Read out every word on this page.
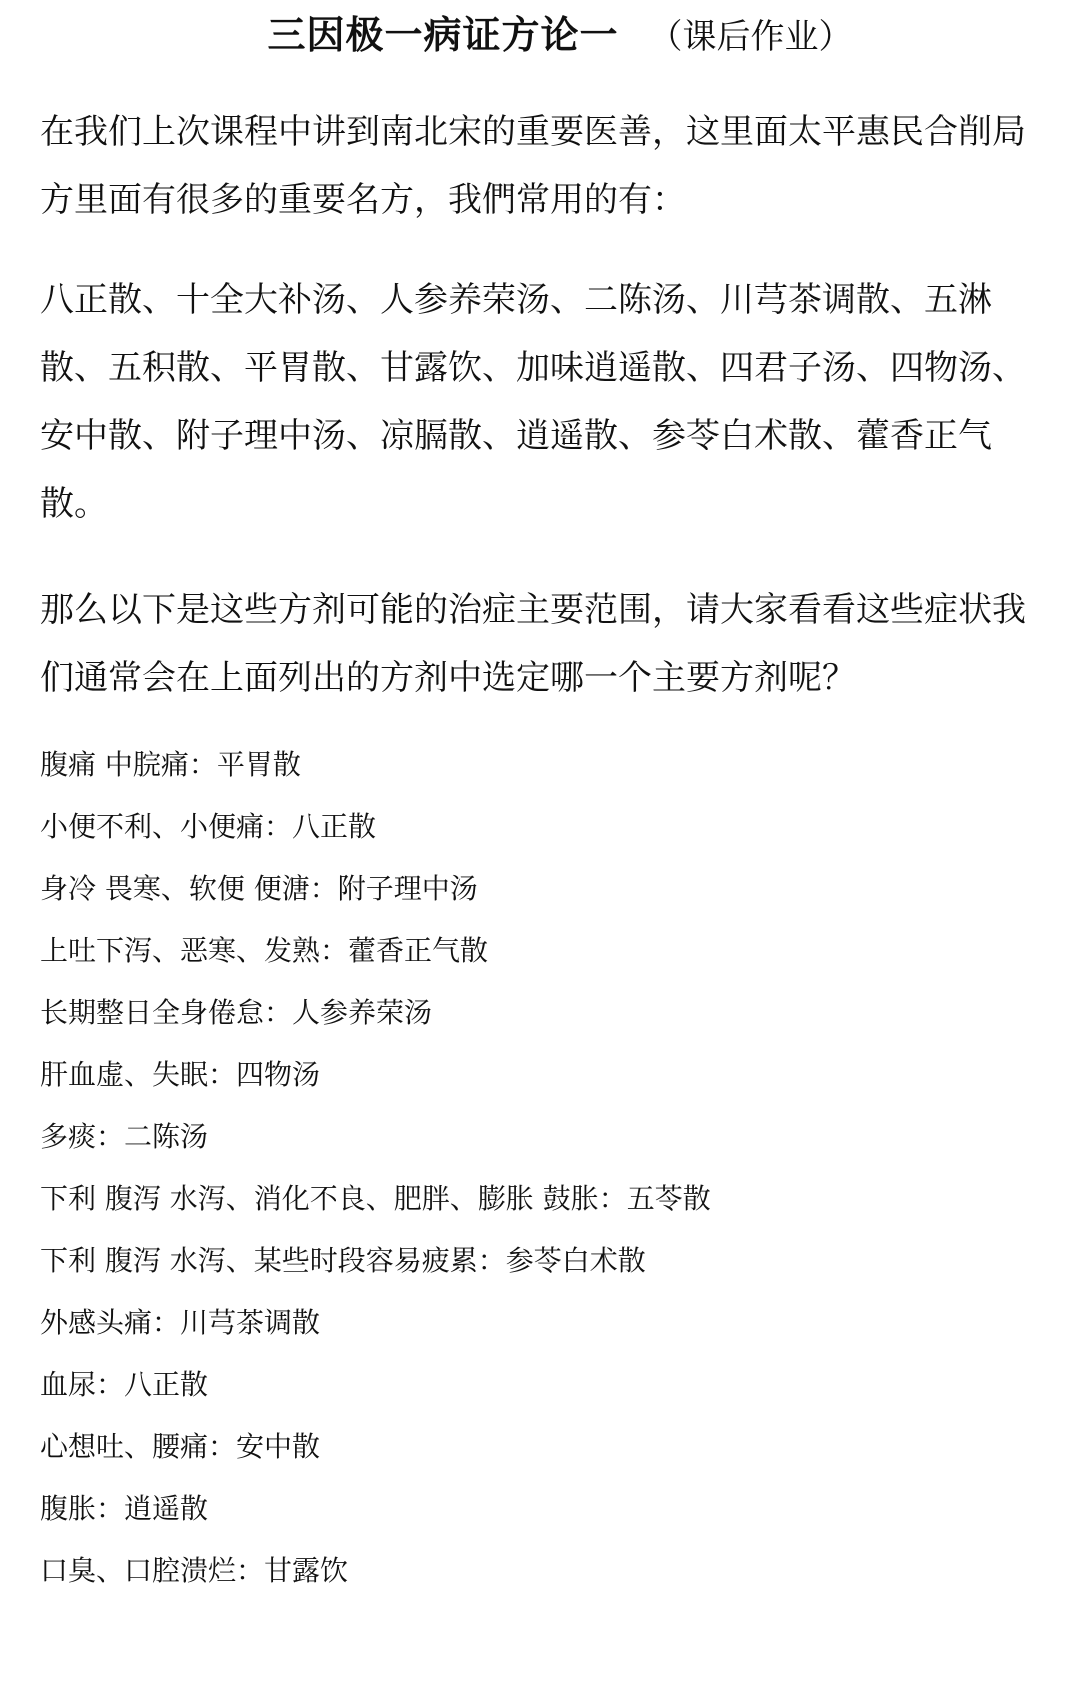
三因极一病证方论一 （课后作业）
在我们上次课程中讲到南北宋的重要医善，这里面太平惠民合削局方里面有很多的重要名方，我們常用的有：
八正散、十全大补汤、人参养荣汤、二陈汤、川芎茶调散、五淋散、五积散、平胃散、甘露饮、加味逍遥散、四君子汤、四物汤、安中散、附子理中汤、凉膈散、逍遥散、参苓白术散、藿香正气散。
那么以下是这些方剂可能的治症主要范围，请大家看看这些症状我们通常会在上面列出的方剂中选定哪一个主要方剂呢？
腹痛 中脘痛：平胃散
小便不利、小便痛：八正散
身冷 畏寒、软便 便溏：附子理中汤
上吐下泻、恶寒、发熟：藿香正气散
长期整日全身倦怠：人参养荣汤
肝血虚、失眠：四物汤
多痰：二陈汤
下利 腹泻 水泻、消化不良、肥胖、膨胀 鼓胀：五苓散
下利 腹泻 水泻、某些时段容易疲累：参苓白术散
外感头痛：川芎茶调散
血尿：八正散
心想吐、腰痛：安中散
腹胀：逍遥散
口臭、口腔溃烂：甘露饮
